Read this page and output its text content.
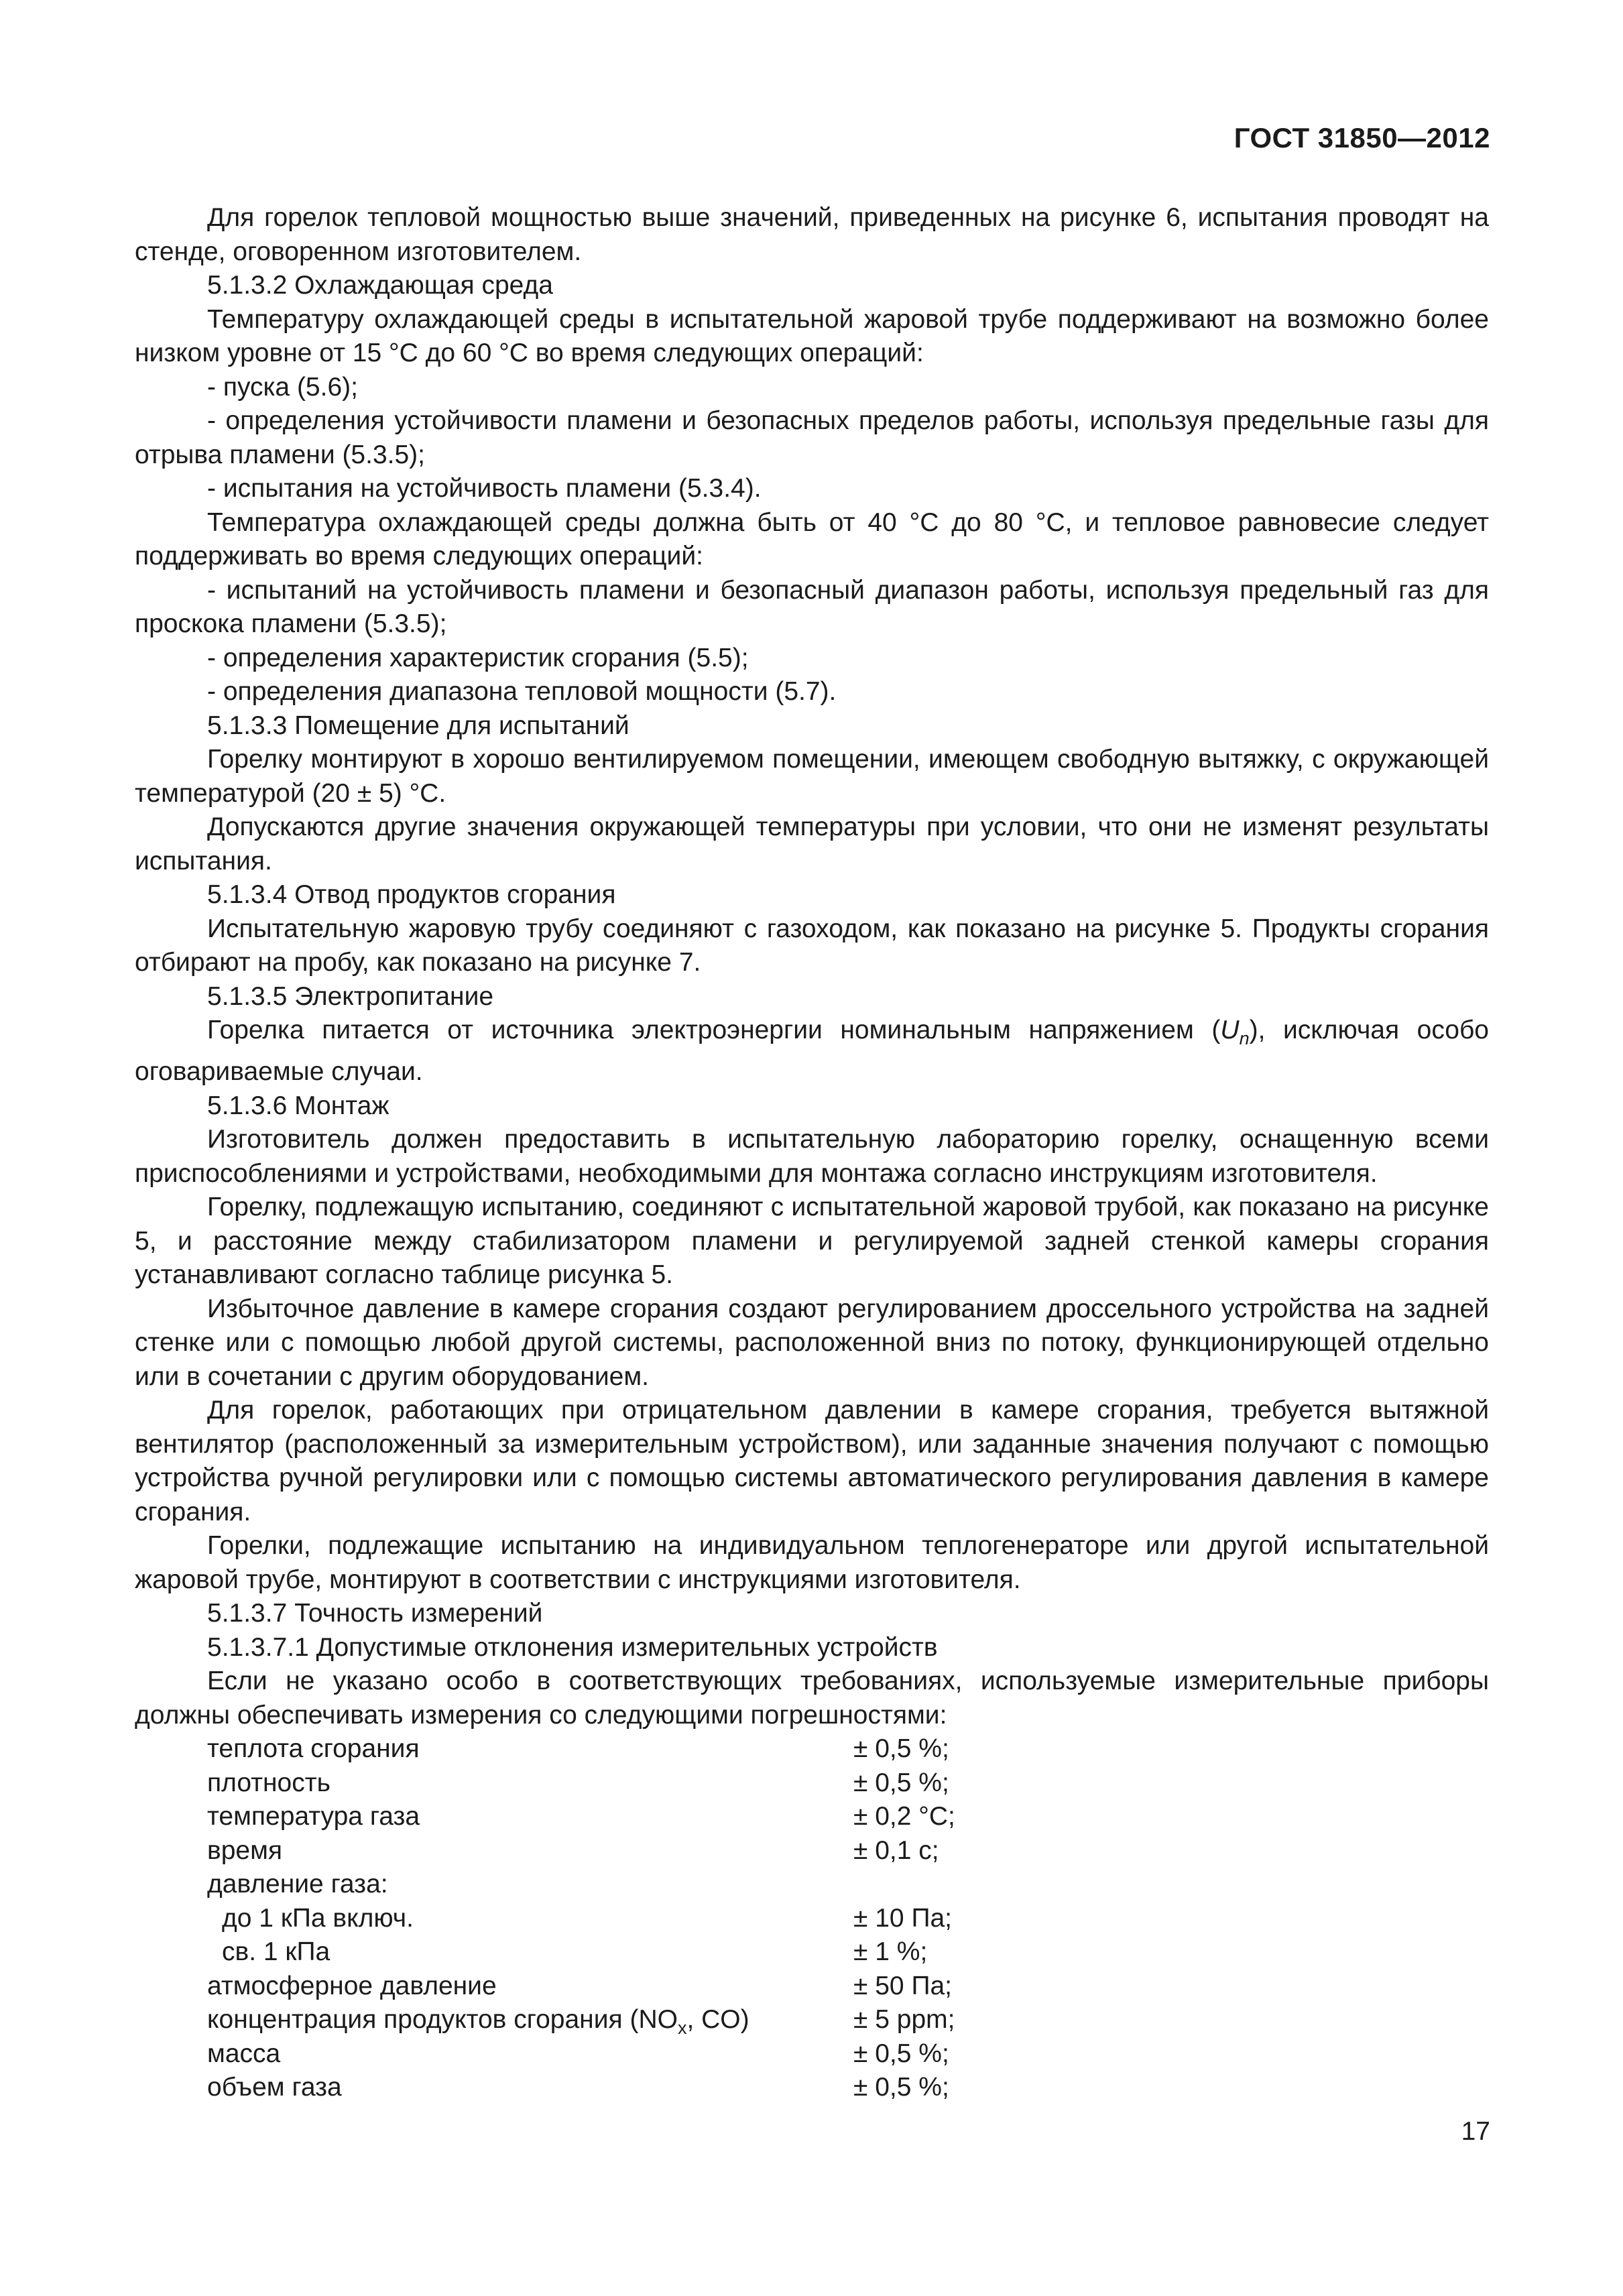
ГОСТ 31850—2012

Для горелок тепловой мощностью выше значений, приведенных на рисунке 6, испытания проводят на стенде, оговоренном изготовителем.

5.1.3.2 Охлаждающая среда

Температуру охлаждающей среды в испытательной жаровой трубе поддерживают на возможно более низком уровне от 15 °C до 60 °C во время следующих операций:

- пуска (5.6);

- определения устойчивости пламени и безопасных пределов работы, используя предельные газы для отрыва пламени (5.3.5);

- испытания на устойчивость пламени (5.3.4).

Температура охлаждающей среды должна быть от 40 °C до 80 °C, и тепловое равновесие следует поддерживать во время следующих операций:

- испытаний на устойчивость пламени и безопасный диапазон работы, используя предельный газ для проскока пламени (5.3.5);

- определения характеристик сгорания (5.5);

- определения диапазона тепловой мощности (5.7).

5.1.3.3 Помещение для испытаний

Горелку монтируют в хорошо вентилируемом помещении, имеющем свободную вытяжку, с окружающей температурой (20 ± 5) °C.

Допускаются другие значения окружающей температуры при условии, что они не изменят результаты испытания.

5.1.3.4 Отвод продуктов сгорания

Испытательную жаровую трубу соединяют с газоходом, как показано на рисунке 5. Продукты сгорания отбирают на пробу, как показано на рисунке 7.

5.1.3.5 Электропитание

Горелка питается от источника электроэнергии номинальным напряжением $(U_n)$, исключая особо оговариваемые случаи.

5.1.3.6 Монтаж

Изготовитель должен предоставить в испытательную лабораторию горелку, оснащенную всеми приспособлениями и устройствами, необходимыми для монтажа согласно инструкциям изготовителя.

Горелку, подлежащую испытанию, соединяют с испытательной жаровой трубой, как показано на рисунке 5, и расстояние между стабилизатором пламени и регулируемой задней стенкой камеры сгорания устанавливают согласно таблице рисунка 5.

Избыточное давление в камере сгорания создают регулированием дроссельного устройства на задней стенке или с помощью любой другой системы, расположенной вниз по потоку, функционирующей отдельно или в сочетании с другим оборудованием.

Для горелок, работающих при отрицательном давлении в камере сгорания, требуется вытяжной вентилятор (расположенный за измерительным устройством), или заданные значения получают с помощью устройства ручной регулировки или с помощью системы автоматического регулирования давления в камере сгорания.

Горелки, подлежащие испытанию на индивидуальном теплогенераторе или другой испытательной жаровой трубе, монтируют в соответствии с инструкциями изготовителя.

5.1.3.7 Точность измерений

5.1.3.7.1 Допустимые отклонения измерительных устройств

Если не указано особо в соответствующих требованиях, используемые измерительные приборы должны обеспечивать измерения со следующими погрешностями:

теплота сгорания	± 0,5 %;
плотность	± 0,5 %;
температура газа	± 0,2 °C;
время	± 0,1 с;
давление газа:
до 1 кПа включ.	± 10 Па;
св. 1 кПа	± 1 %;
атмосферное давление	± 50 Па;
концентрация продуктов сгорания ($NO_x$, CO)	± 5 ppm;
масса	± 0,5 %;
объем газа	± 0,5 %;
17
